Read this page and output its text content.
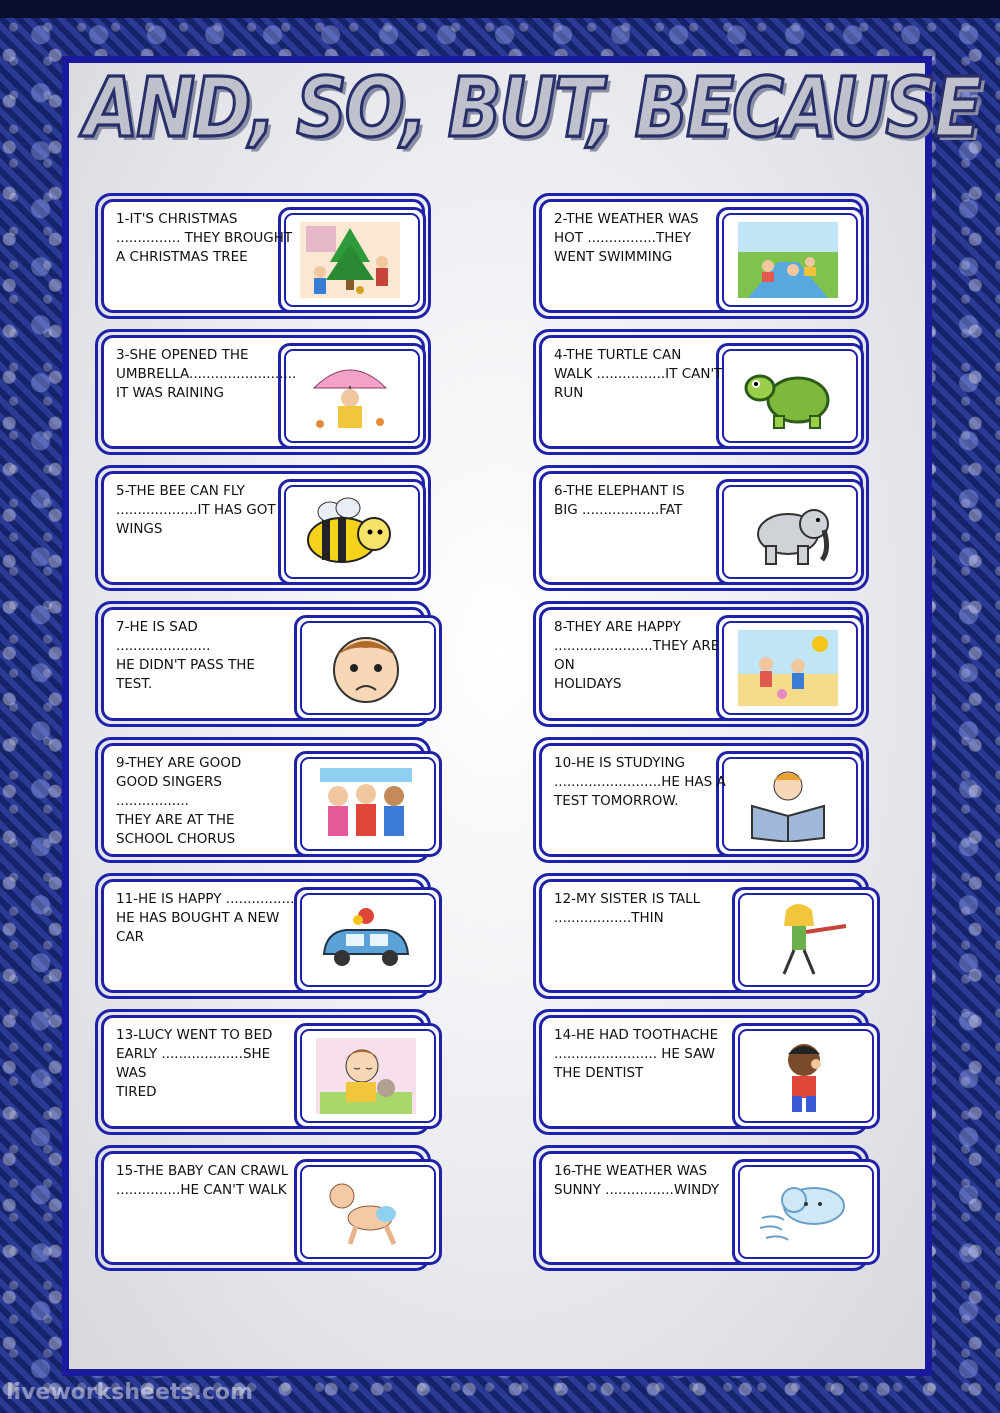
AND, SO, BUT, BECAUSE
1-IT'S CHRISTMAS
............... THEY BROUGHT
A CHRISTMAS TREE
2-THE WEATHER WAS
HOT ................THEY
WENT SWIMMING
3-SHE OPENED THE
UMBRELLA.........................
IT WAS RAINING
4-THE TURTLE CAN
WALK ................IT CAN'T
RUN
5-THE BEE CAN FLY
...................IT HAS GOT
WINGS
6-THE ELEPHANT IS
BIG ..................FAT
7-HE IS SAD ......................
HE DIDN'T PASS THE
TEST.
8-THEY ARE HAPPY
.......................THEY ARE ON
HOLIDAYS
9-THEY ARE GOOD
GOOD SINGERS .................
THEY ARE AT THE
SCHOOL CHORUS
10-HE IS STUDYING
.........................HE HAS A
TEST TOMORROW.
11-HE IS HAPPY ................
HE HAS BOUGHT A NEW
CAR
12-MY SISTER IS TALL
..................THIN
13-LUCY WENT TO BED
EARLY ...................SHE WAS
TIRED
14-HE HAD TOOTHACHE
........................ HE SAW
THE DENTIST
15-THE BABY CAN CRAWL
...............HE CAN'T WALK
16-THE WEATHER WAS
SUNNY ................WINDY
liveworksheets.com
